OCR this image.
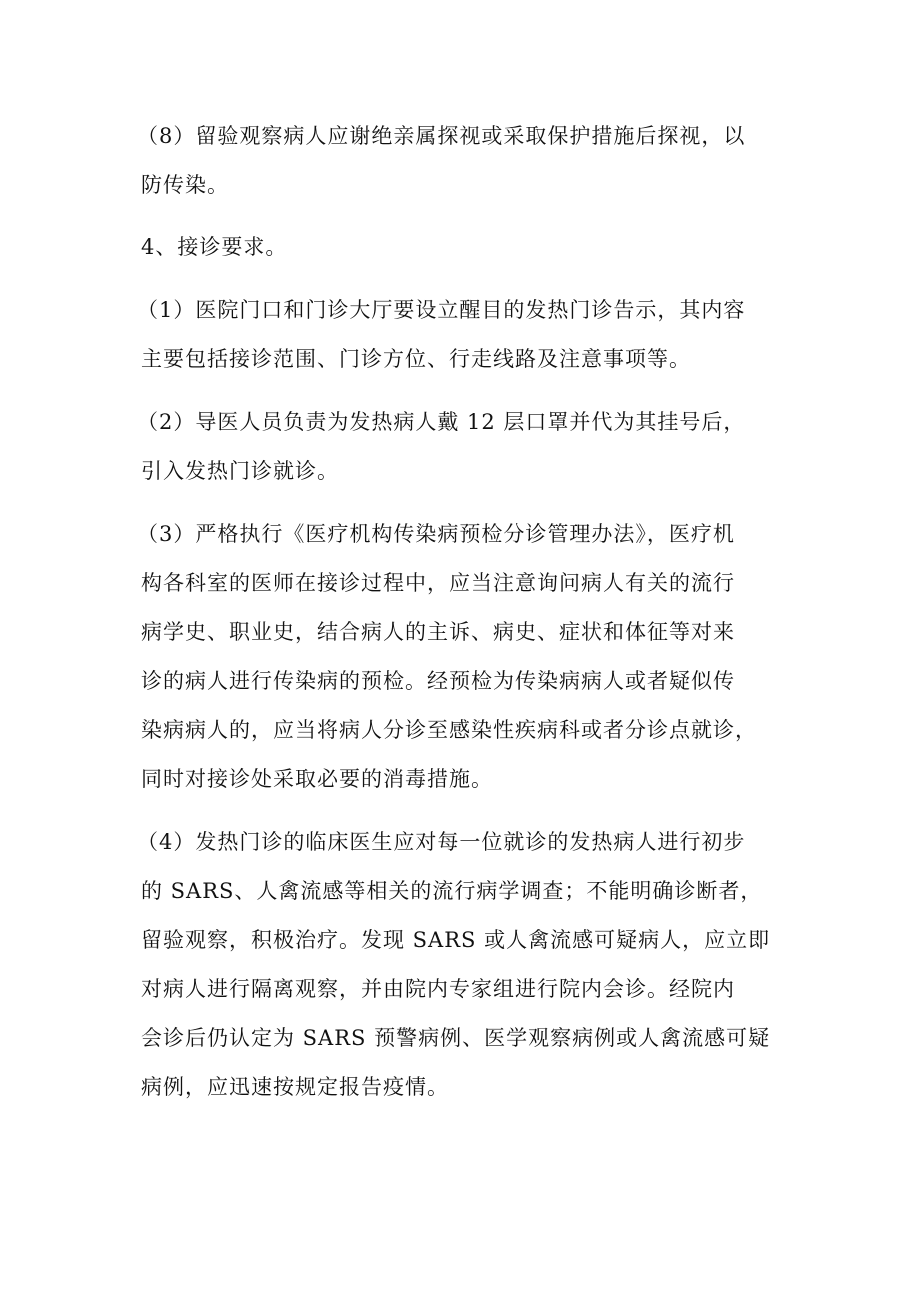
（8）留验观察病人应谢绝亲属探视或采取保护措施后探视，以
防传染。
4、接诊要求。
（1）医院门口和门诊大厅要设立醒目的发热门诊告示，其内容
主要包括接诊范围、门诊方位、行走线路及注意事项等。
（2）导医人员负责为发热病人戴 12 层口罩并代为其挂号后，
引入发热门诊就诊。
（3）严格执行《医疗机构传染病预检分诊管理办法》，医疗机
构各科室的医师在接诊过程中，应当注意询问病人有关的流行
病学史、职业史，结合病人的主诉、病史、症状和体征等对来
诊的病人进行传染病的预检。经预检为传染病病人或者疑似传
染病病人的，应当将病人分诊至感染性疾病科或者分诊点就诊，
同时对接诊处采取必要的消毒措施。
（4）发热门诊的临床医生应对每一位就诊的发热病人进行初步
的 SARS、人禽流感等相关的流行病学调查；不能明确诊断者，
留验观察，积极治疗。发现 SARS 或人禽流感可疑病人，应立即
对病人进行隔离观察，并由院内专家组进行院内会诊。经院内
会诊后仍认定为 SARS 预警病例、医学观察病例或人禽流感可疑
病例，应迅速按规定报告疫情。
